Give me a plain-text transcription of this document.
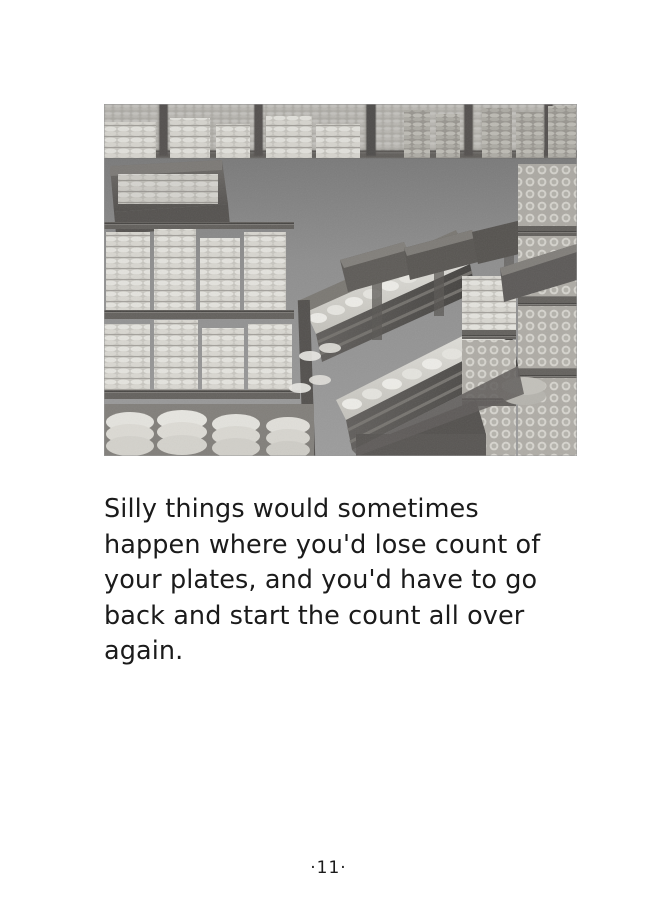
Silly things would sometimes happen where you'd lose count of your plates, and you'd have to go back and start the count all over again.
·11·
